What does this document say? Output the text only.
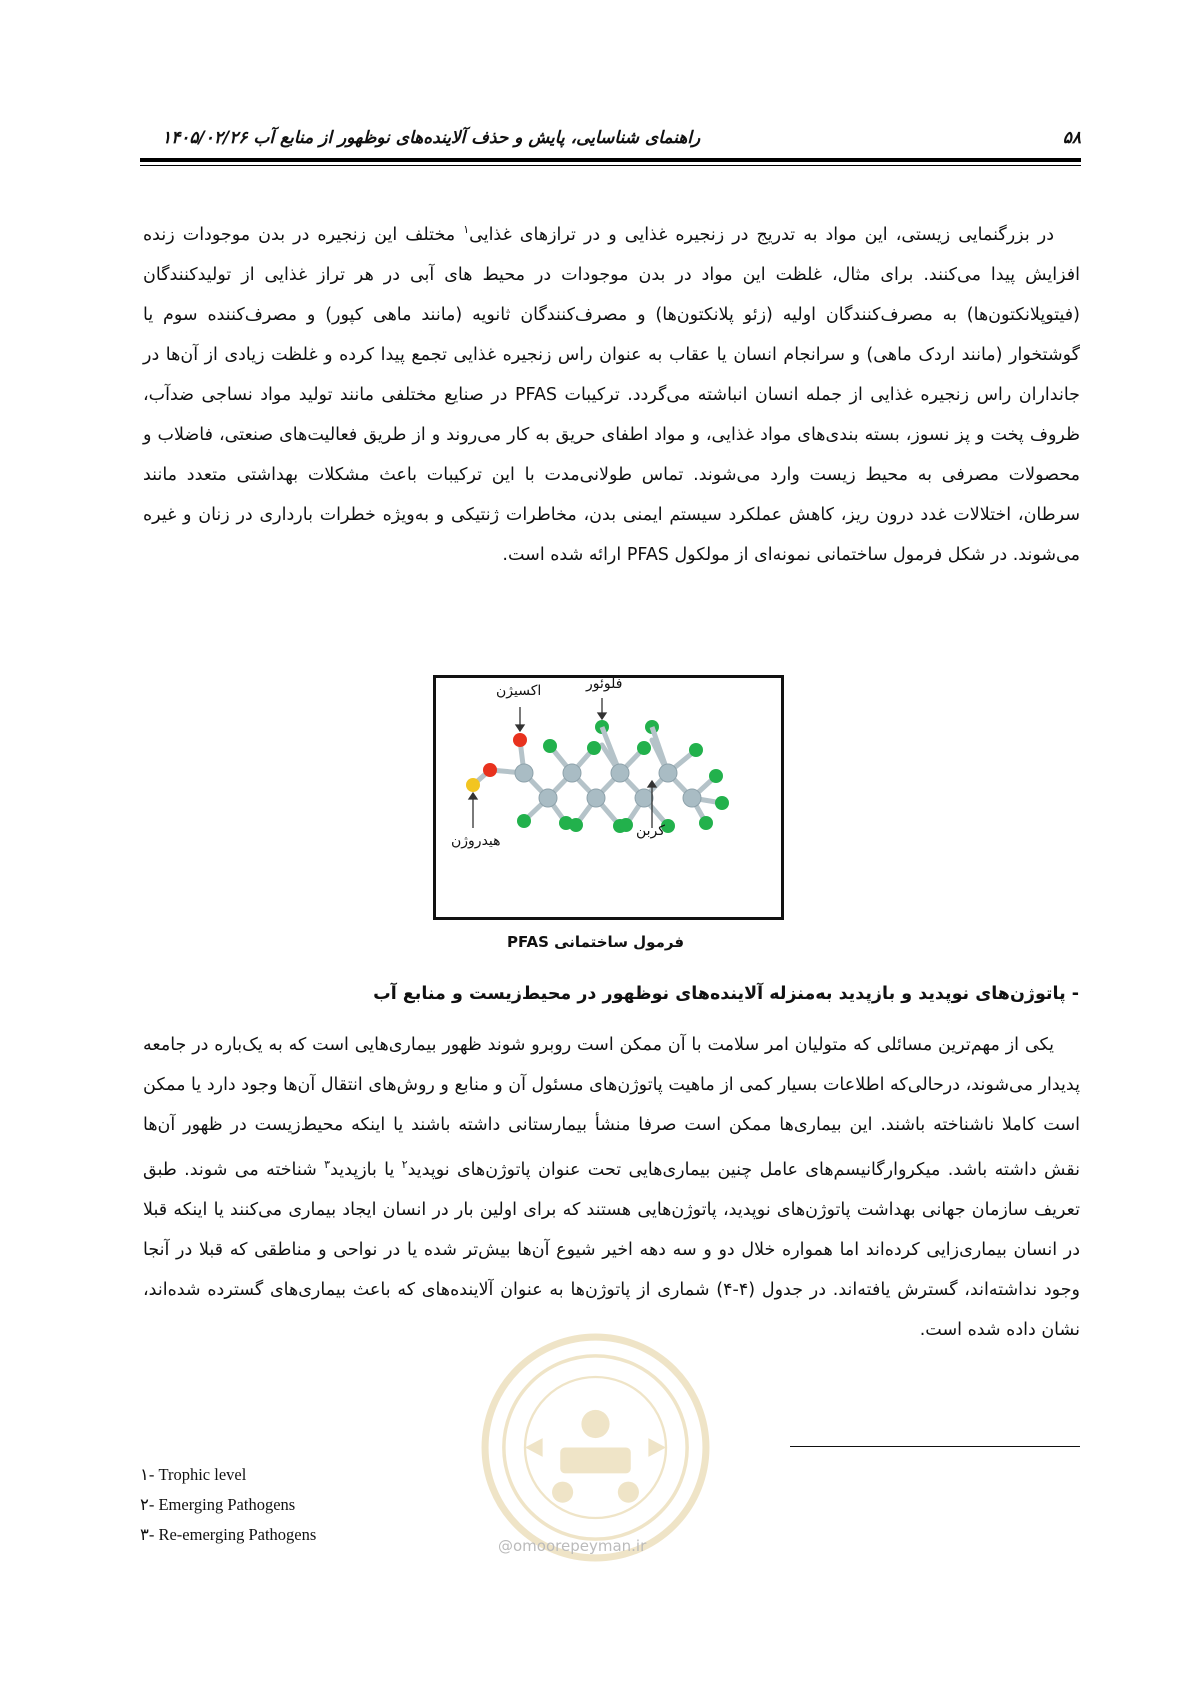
۵۸
راهنمای شناسایی، پایش و حذف آلاینده‌های نوظهور از منابع آب ۱۴۰۵/۰۲/۲۶
در بزرگنمایی زیستی، این مواد به تدریج در زنجیره غذایی و در ترازهای غذایی$^۱$ مختلف این زنجیره در بدن موجودات زنده افزایش پیدا می‌کنند. برای مثال، غلظت این مواد در بدن موجودات در محیط های آبی در هر تراز غذایی از تولیدکنندگان (فیتوپلانکتون‌ها) به مصرف‌کنندگان اولیه (زئو پلانکتون‌ها) و مصرف‌کنندگان ثانویه (مانند ماهی کپور) و مصرف‌کننده سوم یا گوشتخوار (مانند اردک ماهی) و سرانجام انسان یا عقاب به عنوان راس زنجیره غذایی تجمع پیدا کرده و غلظت زیادی از آن‌ها در جانداران راس زنجیره غذایی از جمله انسان انباشته می‌گردد. ترکیبات PFAS در صنایع مختلفی مانند تولید مواد نساجی ضدآب، ظروف پخت و پز نسوز، بسته بندی‌های مواد غذایی، و مواد اطفای حریق به کار می‌روند و از طریق فعالیت‌های صنعتی، فاضلاب و محصولات مصرفی به محیط زیست وارد می‌شوند. تماس طولانی‌مدت با این ترکیبات باعث مشکلات بهداشتی متعدد مانند سرطان، اختلالات غدد درون ریز، کاهش عملکرد سیستم ایمنی بدن، مخاطرات ژنتیکی و به‌ویژه خطرات بارداری در زنان و غیره می‌شوند. در شکل فرمول ساختمانی نمونه‌ای از مولکول PFAS ارائه شده است.
فلوئور
اکسیژن
کربن
هیدروژن
فرمول ساختمانی PFAS
- پاتوژن‌های نوپدید و بازپدید به‌منزله آلاینده‌های نوظهور در محیط‌زیست و منابع آب
یکی از مهم‌ترین مسائلی که متولیان امر سلامت با آن ممکن است روبرو شوند ظهور بیماری‌هایی است که به یک‌باره در جامعه پدیدار می‌شوند، درحالی‌که اطلاعات بسیار کمی از ماهیت پاتوژن‌های مسئول آن و منابع و روش‌های انتقال آن‌ها وجود دارد یا ممکن است کاملا ناشناخته باشند. این بیماری‌ها ممکن است صرفا منشأ بیمارستانی داشته باشند یا اینکه محیط‌زیست در ظهور آن‌ها نقش داشته باشد. میکروارگانیسم‌های عامل چنین بیماری‌هایی تحت عنوان پاتوژن‌های نوپدید$^۲$ یا بازپدید$^۳$ شناخته می شوند. طبق تعریف سازمان جهانی بهداشت پاتوژن‌های نوپدید، پاتوژن‌هایی هستند که برای اولین بار در انسان ایجاد بیماری می‌کنند یا اینکه قبلا در انسان بیماری‌زایی کرده‌اند اما همواره خلال دو و سه دهه اخیر شیوع آن‌ها بیش‌تر شده یا در نواحی و مناطقی که قبلا در آنجا وجود نداشته‌اند، گسترش یافته‌اند. در جدول (۴-۴) شماری از پاتوژن‌ها به عنوان آلاینده‌های که باعث بیماری‌های گسترده شده‌اند، نشان داده شده است.
@omoorepeyman.ir
۱- Trophic level
۲- Emerging Pathogens
۳- Re-emerging Pathogens
